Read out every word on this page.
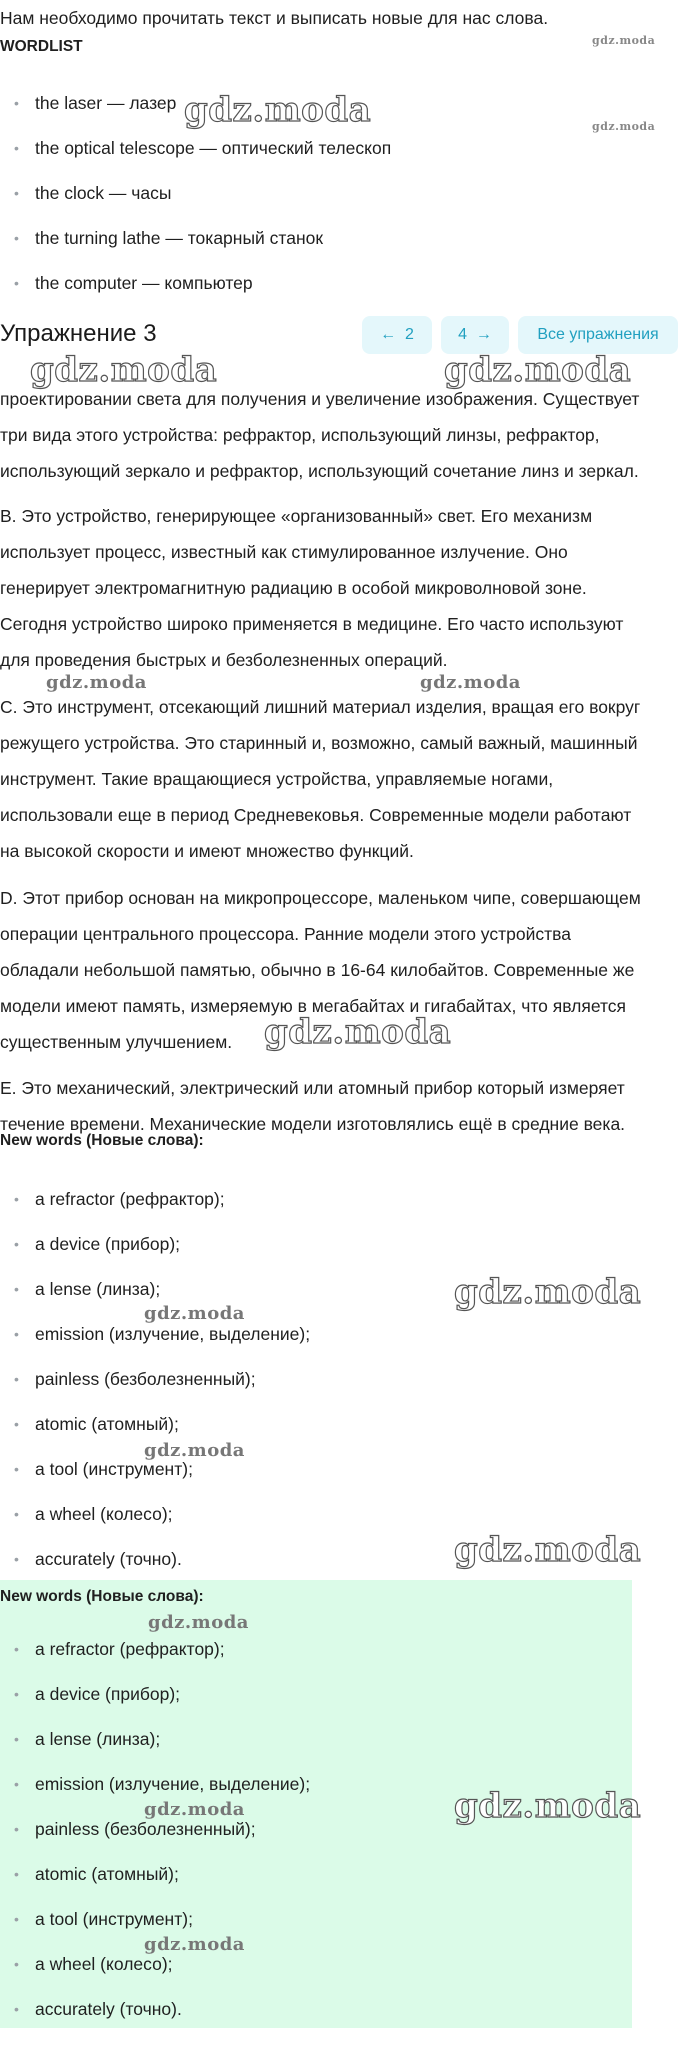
Нам необходимо прочитать текст и выписать новые для нас слова.

WORDLIST
• the laser — лазер
• the optical telescope — оптический телескоп
• the clock — часы
• the turning lathe — токарный станок
• the computer — компьютер
Упражнение 3	← 2	4 →	Все упражнения

проектировании света для получения и увеличение изображения. Существует

три вида этого устройства: рефрактор, использующий линзы, рефрактор,

использующий зеркало и рефрактор, использующий сочетание линз и зеркал.

B. Это устройство, генерирующее «организованный» свет. Его механизм

использует процесс, известный как стимулированное излучение. Оно

генерирует электромагнитную радиацию в особой микроволновой зоне.

Сегодня устройство широко применяется в медицине. Его часто используют

для проведения быстрых и безболезненных операций.

C. Это инструмент, отсекающий лишний материал изделия, вращая его вокруг

режущего устройства. Это старинный и, возможно, самый важный, машинный

инструмент. Такие вращающиеся устройства, управляемые ногами,

использовали еще в период Средневековья. Современные модели работают

на высокой скорости и имеют множество функций.

D. Этот прибор основан на микропроцессоре, маленьком чипе, совершающем

операции центрального процессора. Ранние модели этого устройства

обладали небольшой памятью, обычно в 16-64 килобайтов. Современные же

модели имеют память, измеряемую в мегабайтах и гигабайтах, что является

существенным улучшением.

E. Это механический, электрический или атомный прибор который измеряет

течение времени. Механические модели изготовлялись ещё в средние века.

New words (Новые слова):
• a refractor (рефрактор);
• a device (прибор);
• a lense (линза);
• emission (излучение, выделение);
• painless (безболезненный);
• atomic (атомный);
• a tool (инструмент);
• a wheel (колесо);
• accurately (точно).
New words (Новые слова):
• a refractor (рефрактор);
• a device (прибор);
• a lense (линза);
• emission (излучение, выделение);
• painless (безболезненный);
• atomic (атомный);
• a tool (инструмент);
• a wheel (колесо);
• accurately (точно).
gdz.moda
gdz.moda	gdz.moda
gdz.moda	gdz.moda
gdz.moda	gdz.moda
gdz.moda
gdz.moda
gdz.moda
gdz.moda
gdz.moda
gdz.moda
gdz.moda
gdz.moda
gdz.moda
